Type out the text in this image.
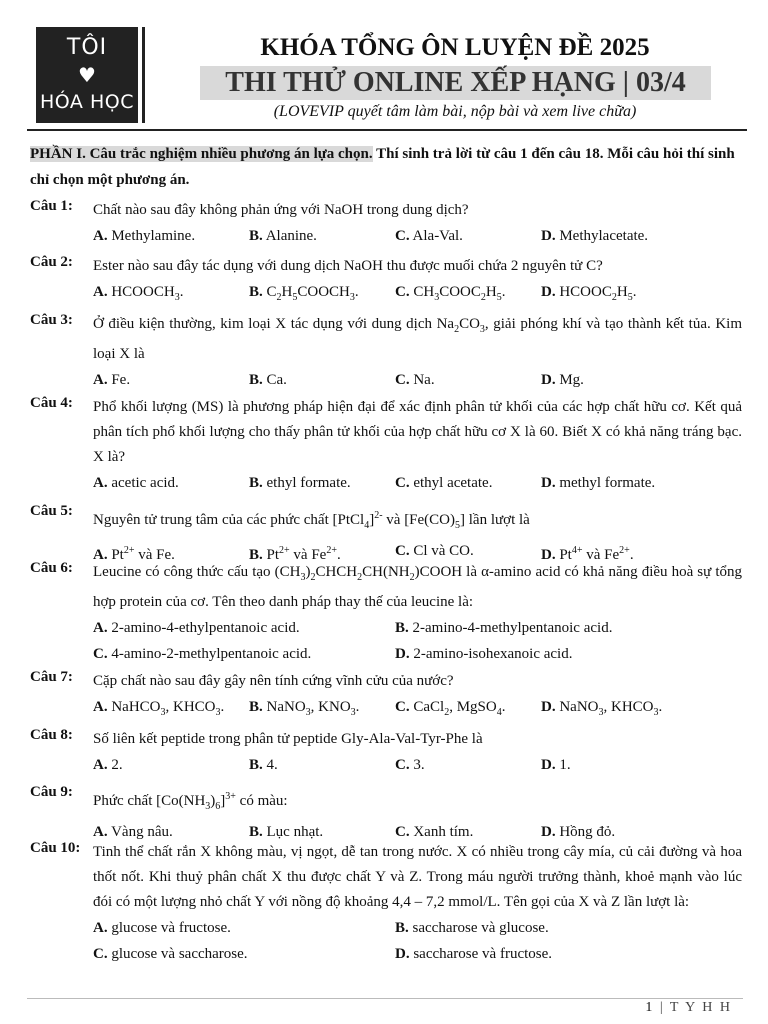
TÔI
♥
HÓA HỌC
KHÓA TỔNG ÔN LUYỆN ĐỀ 2025
THI THỬ ONLINE XẾP HẠNG | 03/4
(LOVEVIP quyết tâm làm bài, nộp bài và xem live chữa)
PHẦN I. Câu trắc nghiệm nhiều phương án lựa chọn. Thí sinh trả lời từ câu 1 đến câu 18. Mỗi câu hỏi thí sinh chỉ chọn một phương án.
Câu 1: Chất nào sau đây không phản ứng với NaOH trong dung dịch?
A. Methylamine.	B. Alanine.	C. Ala-Val.	D. Methylacetate.
Câu 2: Ester nào sau đây tác dụng với dung dịch NaOH thu được muối chứa 2 nguyên tử C?
A. $HCOOCH_3$.	B. $C_2H_5COOCH_3$. C. $CH_3COOC_2H_5$. D. $HCOOC_2H_5$.
Câu 3: Ở điều kiện thường, kim loại X tác dụng với dung dịch $Na_2CO_3$, giải phóng khí và tạo thành kết tủa. Kim loại X là
A. Fe.	B. Ca.	C. Na.	D. Mg.
Câu 4: Phổ khối lượng (MS) là phương pháp hiện đại để xác định phân tử khối của các hợp chất hữu cơ. Kết quả phân tích phổ khối lượng cho thấy phân tử khối của hợp chất hữu cơ X là 60. Biết X có khả năng tráng bạc. X là?
A. acetic acid.	B. ethyl formate.	C. ethyl acetate.	D. methyl formate.
Câu 5:
Nguyên tử trung tâm của các phức chất [PtCl$_4$]$^{2-}$ và $[Fe(CO)_5]$ lần lượt là
A. $Pt^{2+}$ và Fe.	B. $Pt^{2+}$ và $Fe^{2+}$.	C. Cl và CO.	D. $Pt^{4+}$ và $Fe^{2+}$.
Câu 6: Leucine có công thức cấu tạo $(CH_3)_2CHCH_2CH(NH_2)COOH$ là α-amino acid có khả năng điều hoà sự tổng hợp protein của cơ. Tên theo danh pháp thay thế của leucine là:
A. 2-amino-4-ethylpentanoic acid.	B. 2-amino-4-methylpentanoic acid.
C. 4-amino-2-methylpentanoic acid.	D. 2-amino-isohexanoic acid.
Câu 7: Cặp chất nào sau đây gây nên tính cứng vĩnh cửu của nước?
A. NaHCO$_3$, $KHCO_3$. B. NaNO$_3$, $KNO_3$. C. CaCl$_2$, MgSO$_4$. D. NaNO$_3$, $KHCO_3$.
Câu 8: Số liên kết peptide trong phân tử peptide Gly-Ala-Val-Tyr-Phe là
A. 2.	B. 4.	C. 3.	D. 1.
Câu 9:
Phức chất $[Co(NH_3)_6]^{3+}$ có màu:
A. Vàng nâu.	B. Lục nhạt.	C. Xanh tím.	D. Hồng đỏ.
Câu 10: Tinh thể chất rắn X không màu, vị ngọt, dễ tan trong nước. X có nhiều trong cây mía, củ cải đường và hoa thốt nốt. Khi thuỷ phân chất X thu được chất Y và Z. Trong máu người trưởng thành, khoẻ mạnh vào lúc đói có một lượng nhỏ chất Y với nồng độ khoảng 4,4 – 7,2 mmol/L. Tên gọi của X và Z lần lượt là:
A. glucose và fructose.	B. saccharose và glucose.
C. glucose và saccharose.	D. saccharose và fructose.
1 | T Y H H
